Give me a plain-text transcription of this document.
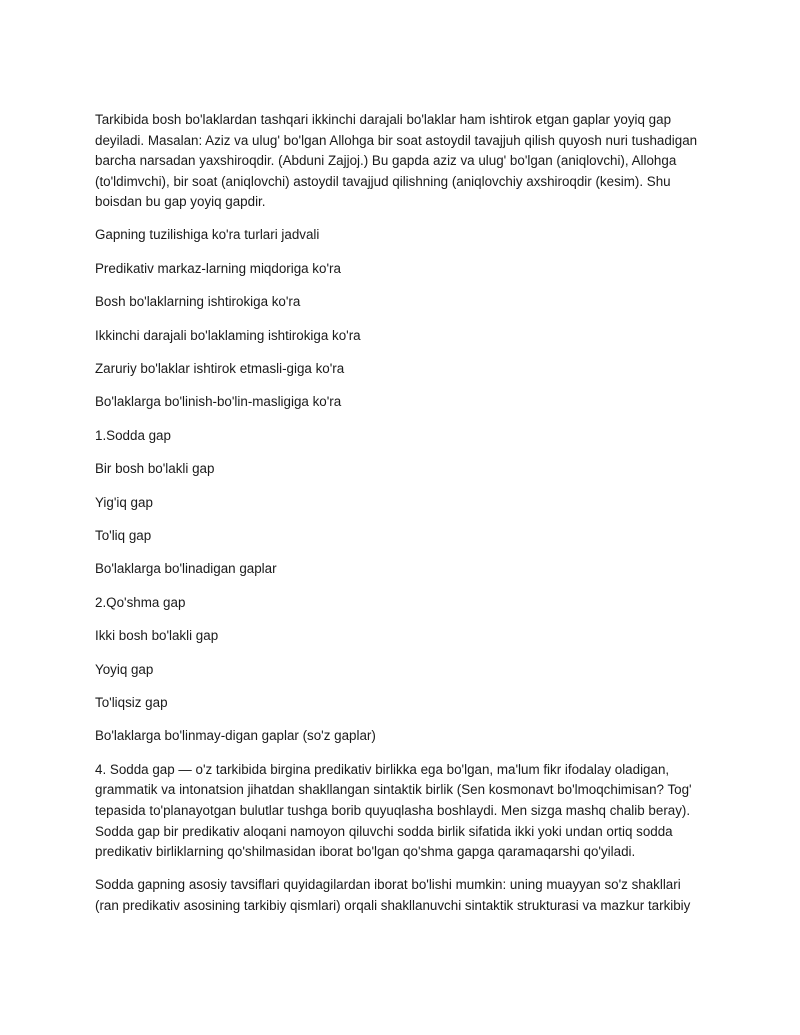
Tarkibida bosh bo'laklardan tashqari ikkinchi darajali bo'laklar ham ishtirok etgan gaplar yoyiq gap deyiladi. Masalan: Aziz va ulug' bo'lgan Allohga bir soat astoydil tavajjuh qilish quyosh nuri tushadigan barcha narsadan yaxshiroqdir. (Abduni Zajjoj.) Bu gapda aziz va ulug' bo'lgan (aniqlovchi), Allohga (to'ldimvchi), bir soat (aniqlovchi) astoydil tavajjud qilishning (aniqlovchiy axshiroqdir (kesim). Shu boisdan bu gap yoyiq gapdir.

Gapning tuzilishiga ko'ra turlari jadvali

Predikativ markaz-larning miqdoriga ko'ra

Bosh bo'laklarning ishtirokiga ko'ra

Ikkinchi darajali bo'laklaming ishtirokiga ko'ra

Zaruriy bo'laklar ishtirok etmasli-giga ko'ra

Bo'laklarga bo'linish-bo'lin-masligiga ko'ra

1.Sodda gap

Bir bosh bo'lakli gap

Yig'iq gap

To'liq gap

Bo'laklarga bo'linadigan gaplar

2.Qo'shma gap

Ikki bosh bo'lakli gap

Yoyiq gap

To'liqsiz gap

Bo'laklarga bo'linmay-digan gaplar (so'z gaplar)

4. Sodda gap — o'z tarkibida birgina predikativ birlikka ega bo'lgan, ma'lum fikr ifodalay oladigan, grammatik va intonatsion jihatdan shakllangan sintaktik birlik (Sen kosmonavt bo'lmoqchimisan? Tog' tepasida to'planayotgan bulutlar tushga borib quyuqlasha boshlaydi. Men sizga mashq chalib beray). Sodda gap bir predikativ aloqani namoyon qiluvchi sodda birlik sifatida ikki yoki undan ortiq sodda predikativ birliklarning qo'shilmasidan iborat bo'lgan qo'shma gapga qaramaqarshi qo'yiladi.

Sodda gapning asosiy tavsiflari quyidagilardan iborat bo'lishi mumkin: uning muayyan so'z shakllari (ran predikativ asosining tarkibiy qismlari) orqali shakllanuvchi sintaktik strukturasi va mazkur tarkibiy
